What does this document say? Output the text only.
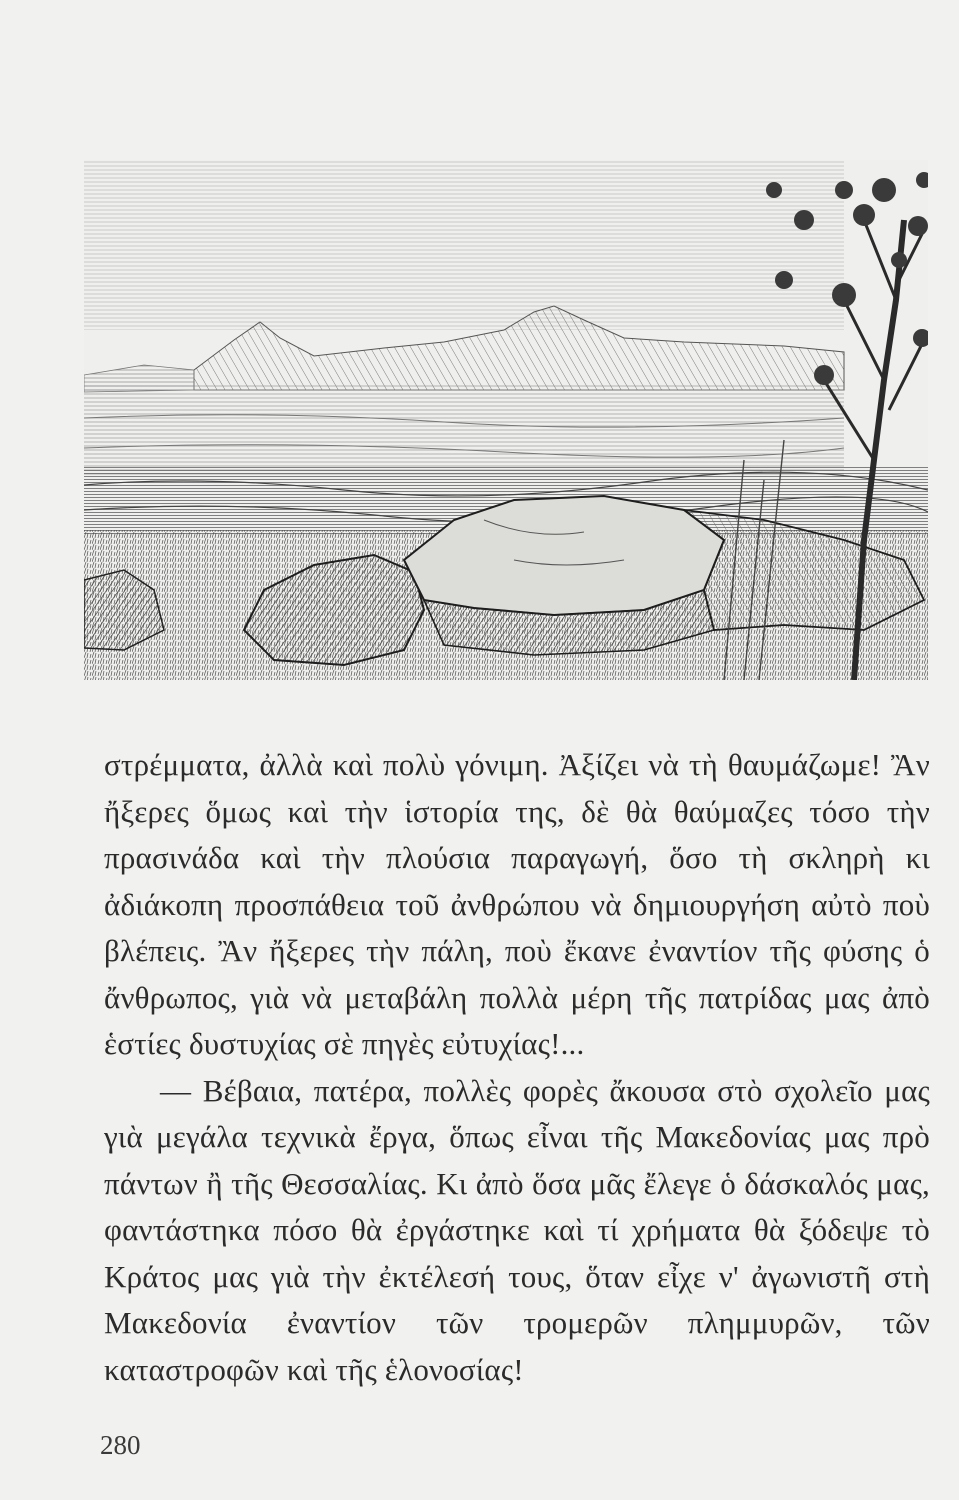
στρέμματα, ἀλλὰ καὶ πολὺ γόνιμη. Ἀξίζει νὰ τὴ θαυμάζωμε! Ἂν ἤξερες ὅμως καὶ τὴν ἱστορία της, δὲ θὰ θαύμαζες τόσο τὴν πρασινάδα καὶ τὴν πλούσια παραγωγή, ὅσο τὴ σκληρὴ κι ἀδιάκοπη προσπάθεια τοῦ ἀνθρώπου νὰ δημιουργήση αὐτὸ ποὺ βλέπεις. Ἂν ἤξερες τὴν πάλη, ποὺ ἔκανε ἐναντίον τῆς φύσης ὁ ἄνθρωπος, γιὰ νὰ μεταβάλη πολλὰ μέρη τῆς πατρίδας μας ἀπὸ ἑστίες δυστυχίας σὲ πηγὲς εὐτυχίας!...

— Βέβαια, πατέρα, πολλὲς φορὲς ἄκουσα στὸ σχολεῖο μας γιὰ μεγάλα τεχνικὰ ἔργα, ὅπως εἶναι τῆς Μακεδονίας μας πρὸ πάντων ἢ τῆς Θεσσαλίας. Κι ἀπὸ ὅσα μᾶς ἔλεγε ὁ δάσκαλός μας, φαντάστηκα πόσο θὰ ἐργάστηκε καὶ τί χρήματα θὰ ξόδεψε τὸ Κράτος μας γιὰ τὴν ἐκτέλεσή τους, ὅταν εἶχε ν' ἀγωνιστῆ στὴ Μακεδονία ἐναντίον τῶν τρομερῶν πλημμυρῶν, τῶν καταστροφῶν καὶ τῆς ἑλονοσίας!

280
